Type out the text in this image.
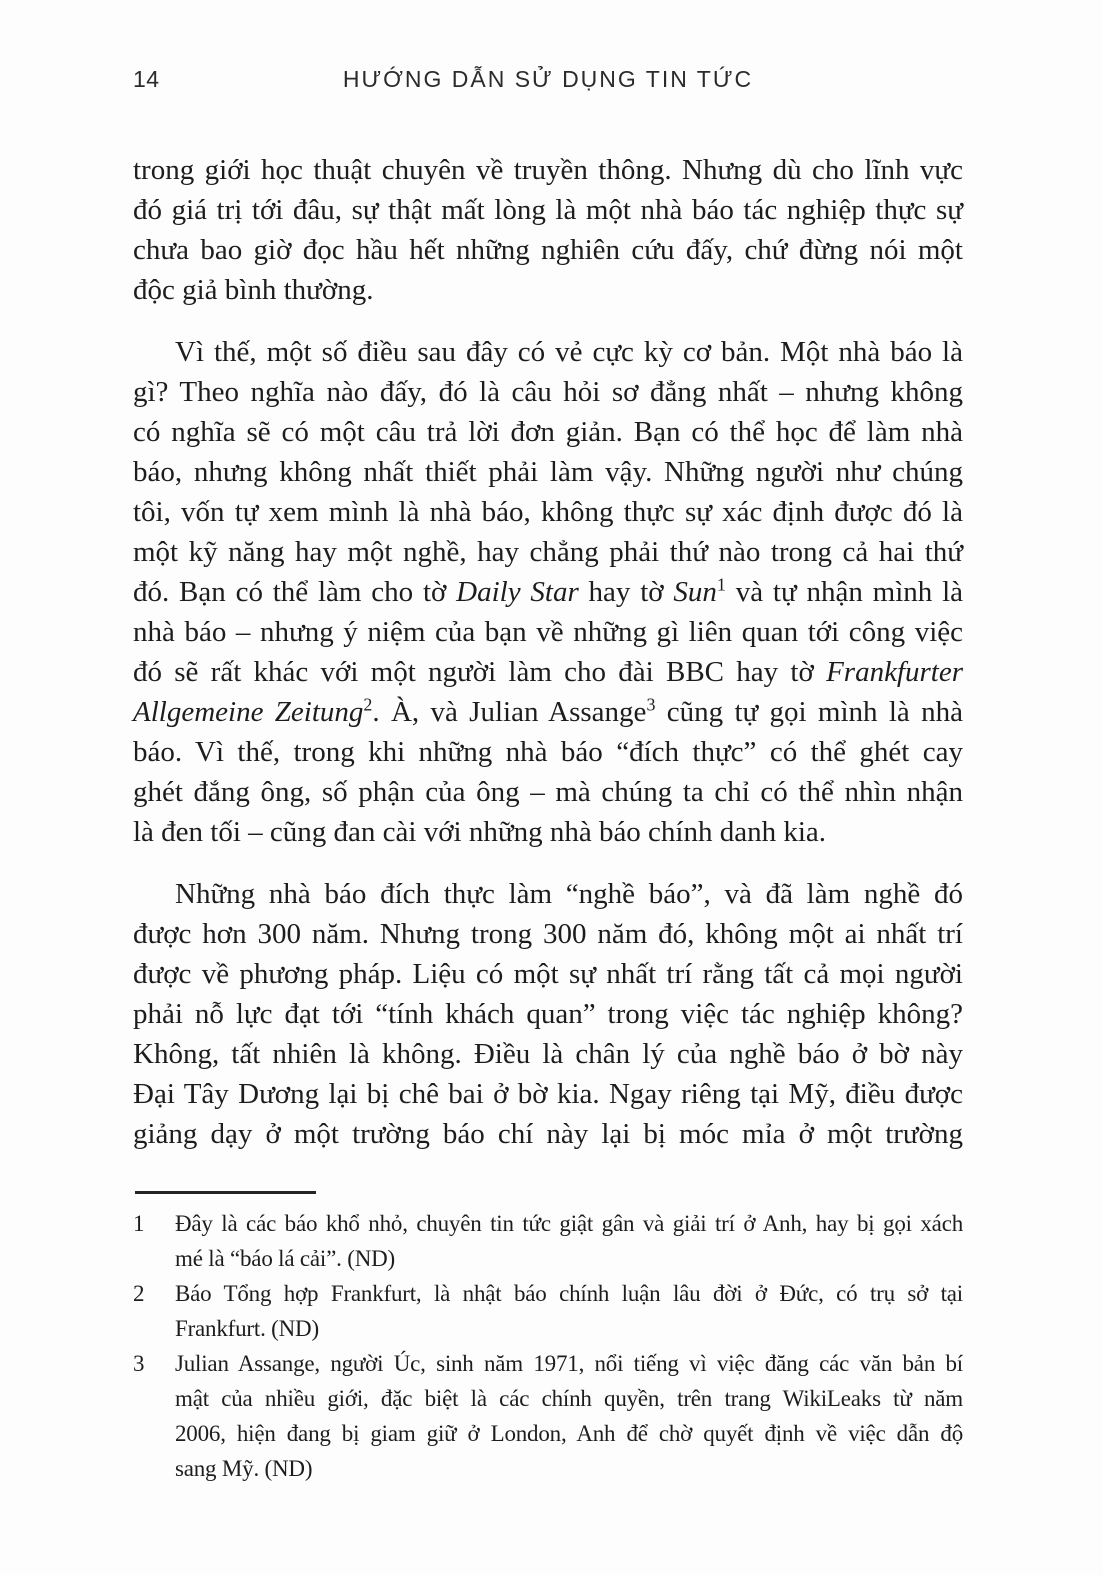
14	HƯỚNG DẪN SỬ DỤNG TIN TỨC
trong giới học thuật chuyên về truyền thông. Nhưng dù cho lĩnh vực
đó giá trị tới đâu, sự thật mất lòng là một nhà báo tác nghiệp thực sự
chưa bao giờ đọc hầu hết những nghiên cứu đấy, chứ đừng nói một
độc giả bình thường.
Vì thế, một số điều sau đây có vẻ cực kỳ cơ bản. Một nhà báo là
gì? Theo nghĩa nào đấy, đó là câu hỏi sơ đẳng nhất – nhưng không
có nghĩa sẽ có một câu trả lời đơn giản. Bạn có thể học để làm nhà
báo, nhưng không nhất thiết phải làm vậy. Những người như chúng
tôi, vốn tự xem mình là nhà báo, không thực sự xác định được đó là
một kỹ năng hay một nghề, hay chẳng phải thứ nào trong cả hai thứ
đó. Bạn có thể làm cho tờ Daily Star hay tờ Sun$^1$ và tự nhận mình là
nhà báo – nhưng ý niệm của bạn về những gì liên quan tới công việc
đó sẽ rất khác với một người làm cho đài BBC hay tờ Frankfurter
Allgemeine Zeitung$^2$. À, và Julian Assange$^3$ cũng tự gọi mình là nhà
báo. Vì thế, trong khi những nhà báo “đích thực” có thể ghét cay
ghét đắng ông, số phận của ông – mà chúng ta chỉ có thể nhìn nhận
là đen tối – cũng đan cài với những nhà báo chính danh kia.
Những nhà báo đích thực làm “nghề báo”, và đã làm nghề đó
được hơn 300 năm. Nhưng trong 300 năm đó, không một ai nhất trí
được về phương pháp. Liệu có một sự nhất trí rằng tất cả mọi người
phải nỗ lực đạt tới “tính khách quan” trong việc tác nghiệp không?
Không, tất nhiên là không. Điều là chân lý của nghề báo ở bờ này
Đại Tây Dương lại bị chê bai ở bờ kia. Ngay riêng tại Mỹ, điều được
giảng dạy ở một trường báo chí này lại bị móc mỉa ở một trường
1 Đây là các báo khổ nhỏ, chuyên tin tức giật gân và giải trí ở Anh, hay bị gọi xách
mé là “báo lá cải”. (ND)
2 Báo Tổng hợp Frankfurt, là nhật báo chính luận lâu đời ở Đức, có trụ sở tại
Frankfurt. (ND)
3 Julian Assange, người Úc, sinh năm 1971, nổi tiếng vì việc đăng các văn bản bí
mật của nhiều giới, đặc biệt là các chính quyền, trên trang WikiLeaks từ năm
2006, hiện đang bị giam giữ ở London, Anh để chờ quyết định về việc dẫn độ
sang Mỹ. (ND)
